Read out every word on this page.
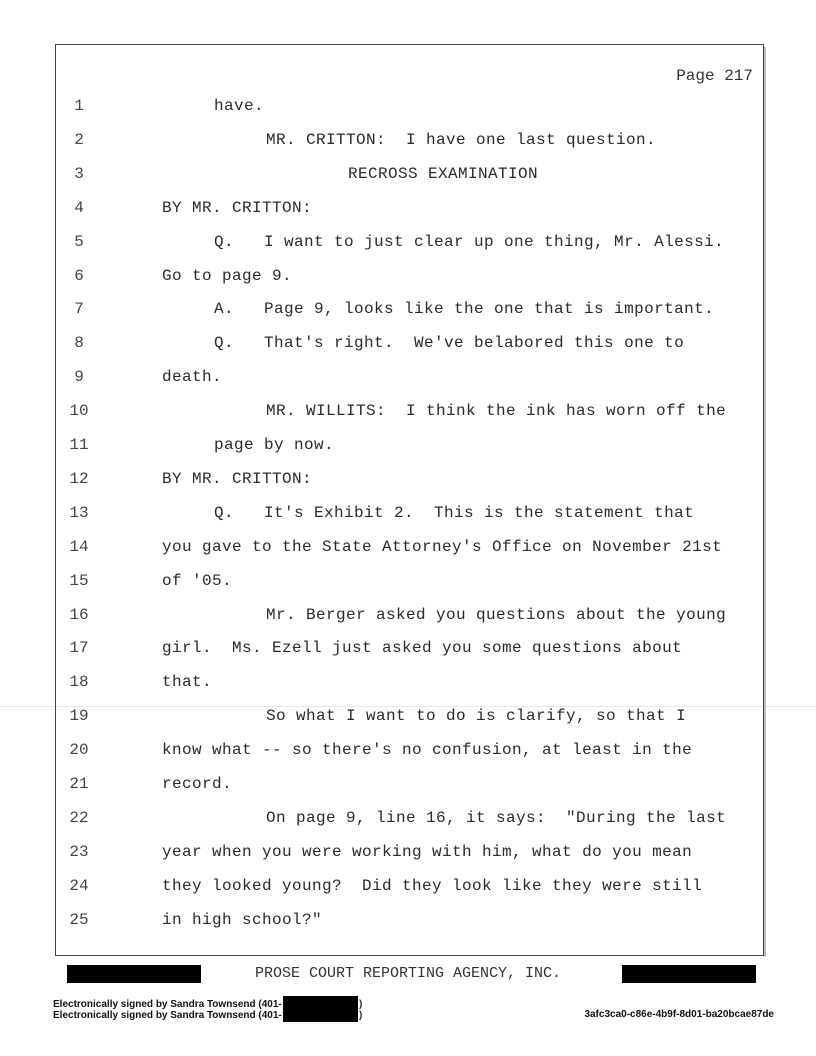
Page 217
1	have.
2	MR. CRITTON:  I have one last question.
3	RECROSS EXAMINATION
4	BY MR. CRITTON:
5	Q.   I want to just clear up one thing, Mr. Alessi.
6	Go to page 9.
7	A.   Page 9, looks like the one that is important.
8	Q.   That's right.  We've belabored this one to
9	death.
10	MR. WILLITS:  I think the ink has worn off the
11	page by now.
12	BY MR. CRITTON:
13	Q.   It's Exhibit 2.  This is the statement that
14	you gave to the State Attorney's Office on November 21st
15	of '05.
16	Mr. Berger asked you questions about the young
17	girl.  Ms. Ezell just asked you some questions about
18	that.
19	So what I want to do is clarify, so that I
20	know what -- so there's no confusion, at least in the
21	record.
22	On page 9, line 16, it says:  "During the last
23	year when you were working with him, what do you mean
24	they looked young?  Did they look like they were still
25	in high school?"
PROSE COURT REPORTING AGENCY, INC.
Electronically signed by Sandra Townsend (401-
Electronically signed by Sandra Townsend (401-
)
)	3afc3ca0-c86e-4b9f-8d01-ba20bcae87de
